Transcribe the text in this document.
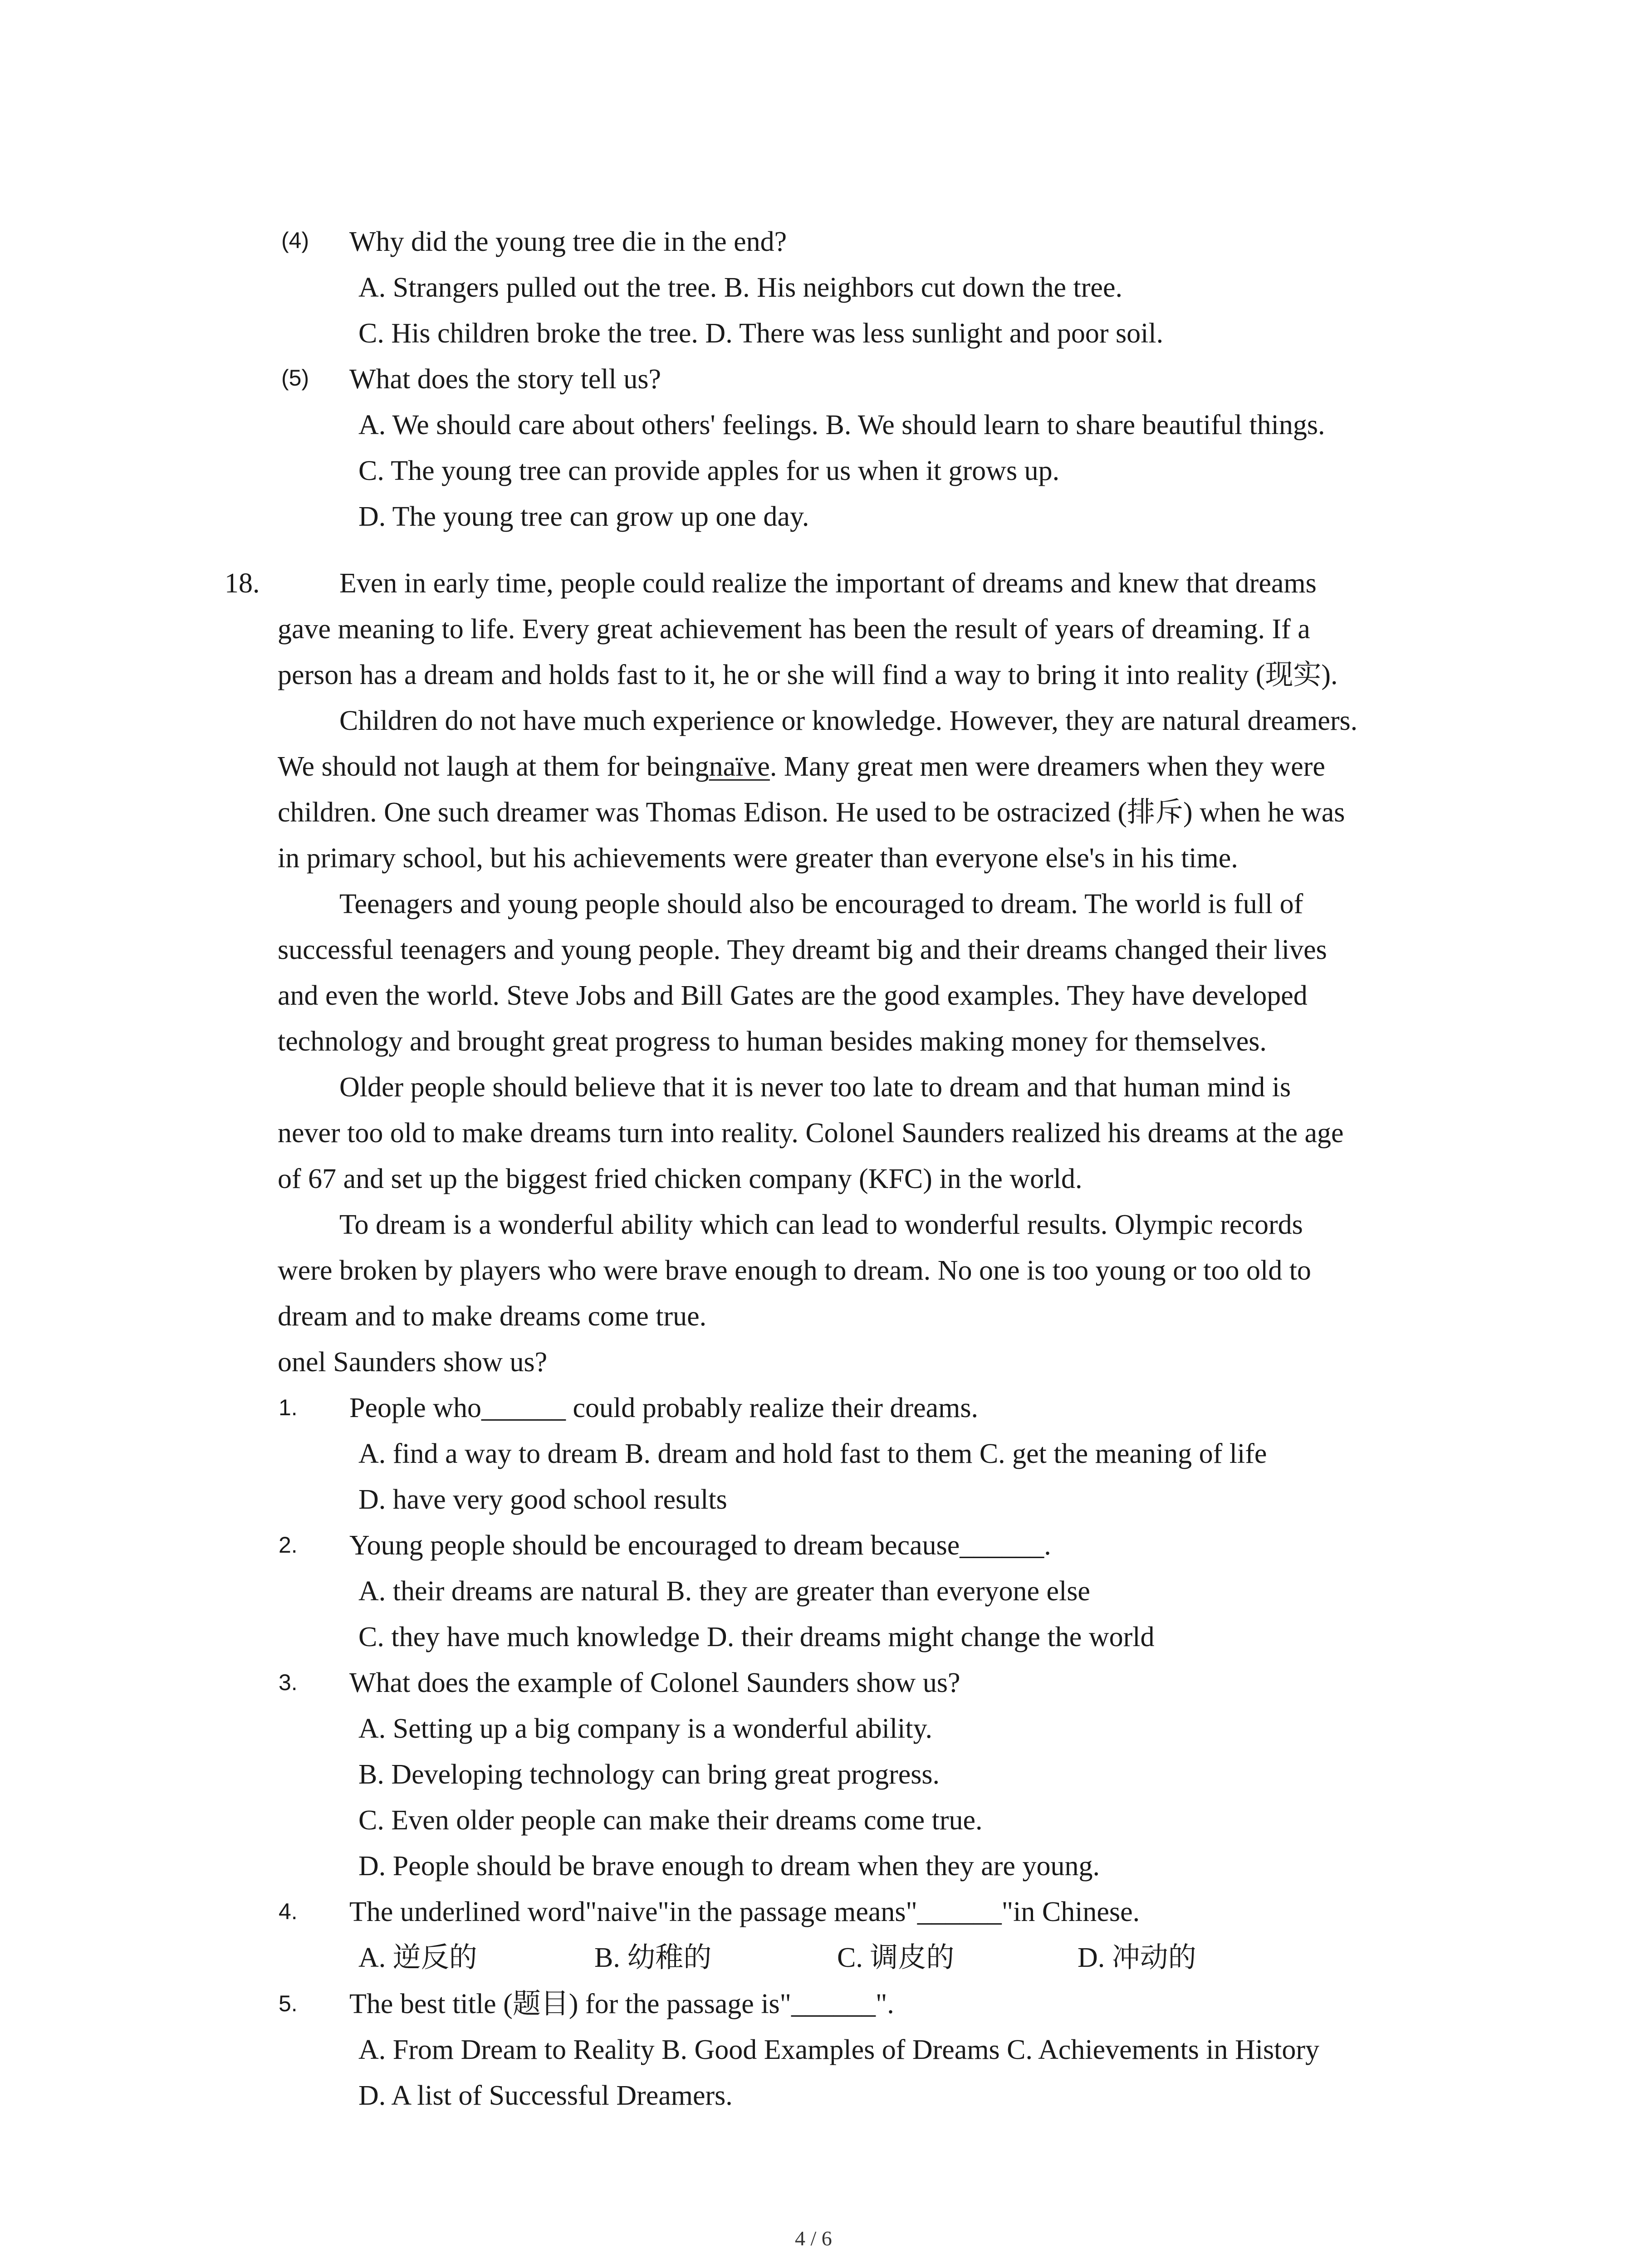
(4) Why did the young tree die in the end?
A. Strangers pulled out the tree. B. His neighbors cut down the tree.
C. His children broke the tree. D. There was less sunlight and poor soil.
(5) What does the story tell us?
A. We should care about others' feelings. B. We should learn to share beautiful things.
C. The young tree can provide apples for us when it grows up.
D. The young tree can grow up one day.
18.	Even in early time, people could realize the important of dreams and knew that dreams
gave meaning to life. Every great achievement has been the result of years of dreaming. If a
person has a dream and holds fast to it, he or she will find a way to bring it into reality (现实).
Children do not have much experience or knowledge. However, they are natural dreamers.
We should not laugh at them for beingnaïve. Many great men were dreamers when they were
children. One such dreamer was Thomas Edison. He used to be ostracized (排斥) when he was
in primary school, but his achievements were greater than everyone else's in his time.
Teenagers and young people should also be encouraged to dream. The world is full of
successful teenagers and young people. They dreamt big and their dreams changed their lives
and even the world. Steve Jobs and Bill Gates are the good examples. They have developed
technology and brought great progress to human besides making money for themselves.
Older people should believe that it is never too late to dream and that human mind is
never too old to make dreams turn into reality. Colonel Saunders realized his dreams at the age
of 67 and set up the biggest fried chicken company (KFC) in the world.
To dream is a wonderful ability which can lead to wonderful results. Olympic records
were broken by players who were brave enough to dream. No one is too young or too old to
dream and to make dreams come true.
onel Saunders show us?
1. People who______ could probably realize their dreams.
A. find a way to dream B. dream and hold fast to them C. get the meaning of life
D. have very good school results
2. Young people should be encouraged to dream because______.
A. their dreams are natural B. they are greater than everyone else
C. they have much knowledge D. their dreams might change the world
3. What does the example of Colonel Saunders show us?
A. Setting up a big company is a wonderful ability.
B. Developing technology can bring great progress.
C. Even older people can make their dreams come true.
D. People should be brave enough to dream when they are young.
4. The underlined word"naive"in the passage means"______"in Chinese.
A. 逆反的	B. 幼稚的	C. 调皮的	D. 冲动的
5. The best title (题目) for the passage is"______".
A. From Dream to Reality B. Good Examples of Dreams C. Achievements in History
D. A list of Successful Dreamers.
4 / 6
